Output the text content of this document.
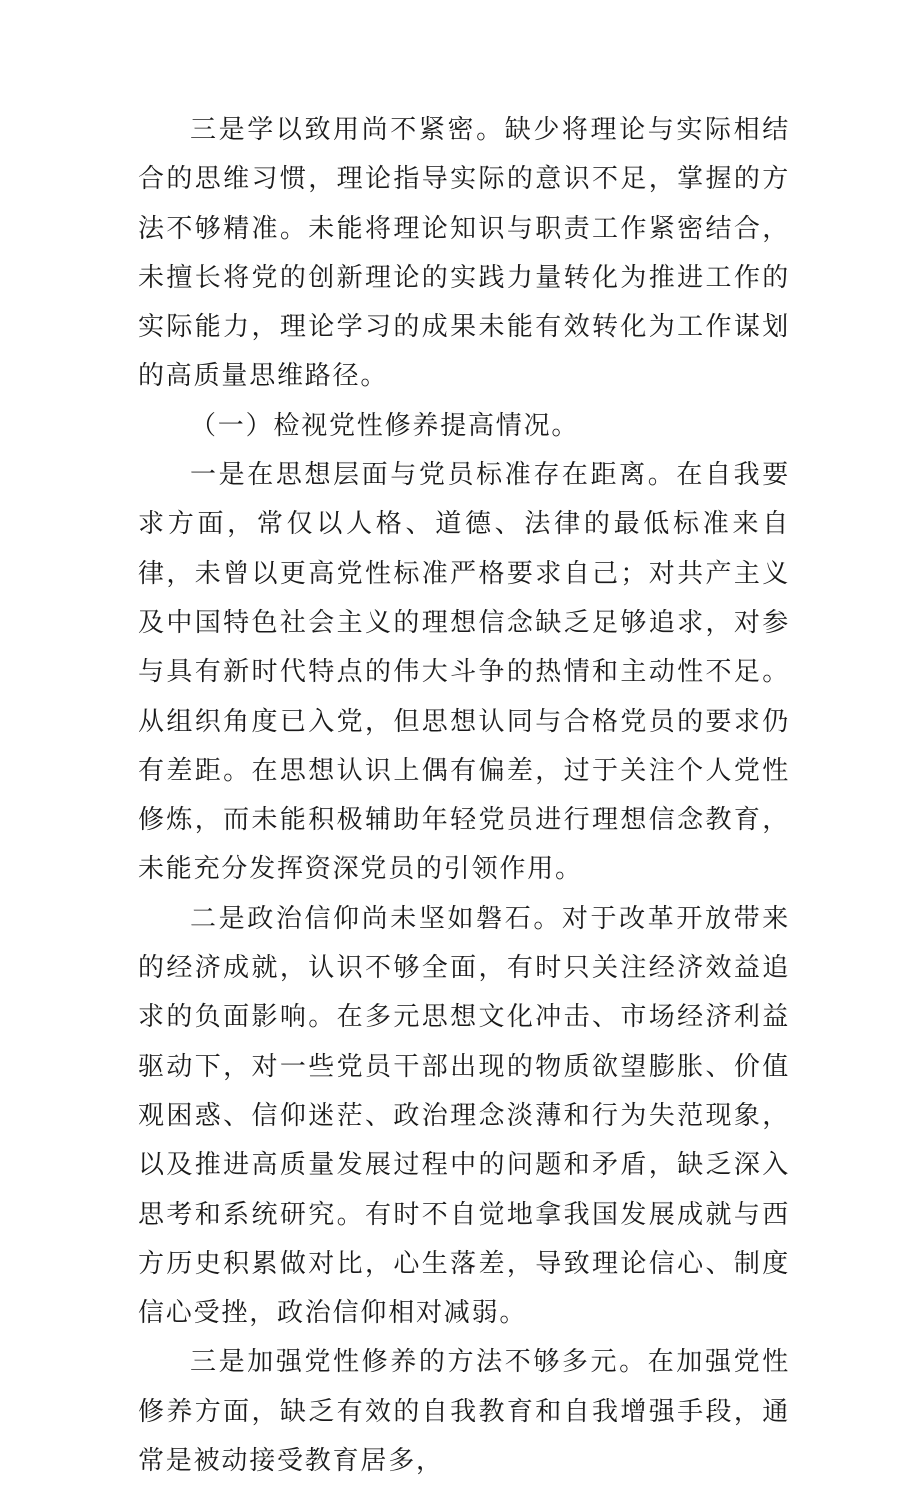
三是学以致用尚不紧密。缺少将理论与实际相结合的思维习惯，理论指导实际的意识不足，掌握的方法不够精准。未能将理论知识与职责工作紧密结合，未擅长将党的创新理论的实践力量转化为推进工作的实际能力，理论学习的成果未能有效转化为工作谋划的高质量思维路径。

（一）检视党性修养提高情况。

一是在思想层面与党员标准存在距离。在自我要求方面，常仅以人格、道德、法律的最低标准来自律，未曾以更高党性标准严格要求自己；对共产主义及中国特色社会主义的理想信念缺乏足够追求，对参与具有新时代特点的伟大斗争的热情和主动性不足。从组织角度已入党，但思想认同与合格党员的要求仍有差距。在思想认识上偶有偏差，过于关注个人党性修炼，而未能积极辅助年轻党员进行理想信念教育，未能充分发挥资深党员的引领作用。

二是政治信仰尚未坚如磐石。对于改革开放带来的经济成就，认识不够全面，有时只关注经济效益追求的负面影响。在多元思想文化冲击、市场经济利益驱动下，对一些党员干部出现的物质欲望膨胀、价值观困惑、信仰迷茫、政治理念淡薄和行为失范现象，以及推进高质量发展过程中的问题和矛盾，缺乏深入思考和系统研究。有时不自觉地拿我国发展成就与西方历史积累做对比，心生落差，导致理论信心、制度信心受挫，政治信仰相对减弱。

三是加强党性修养的方法不够多元。在加强党性修养方面，缺乏有效的自我教育和自我增强手段，通常是被动接受教育居多，
